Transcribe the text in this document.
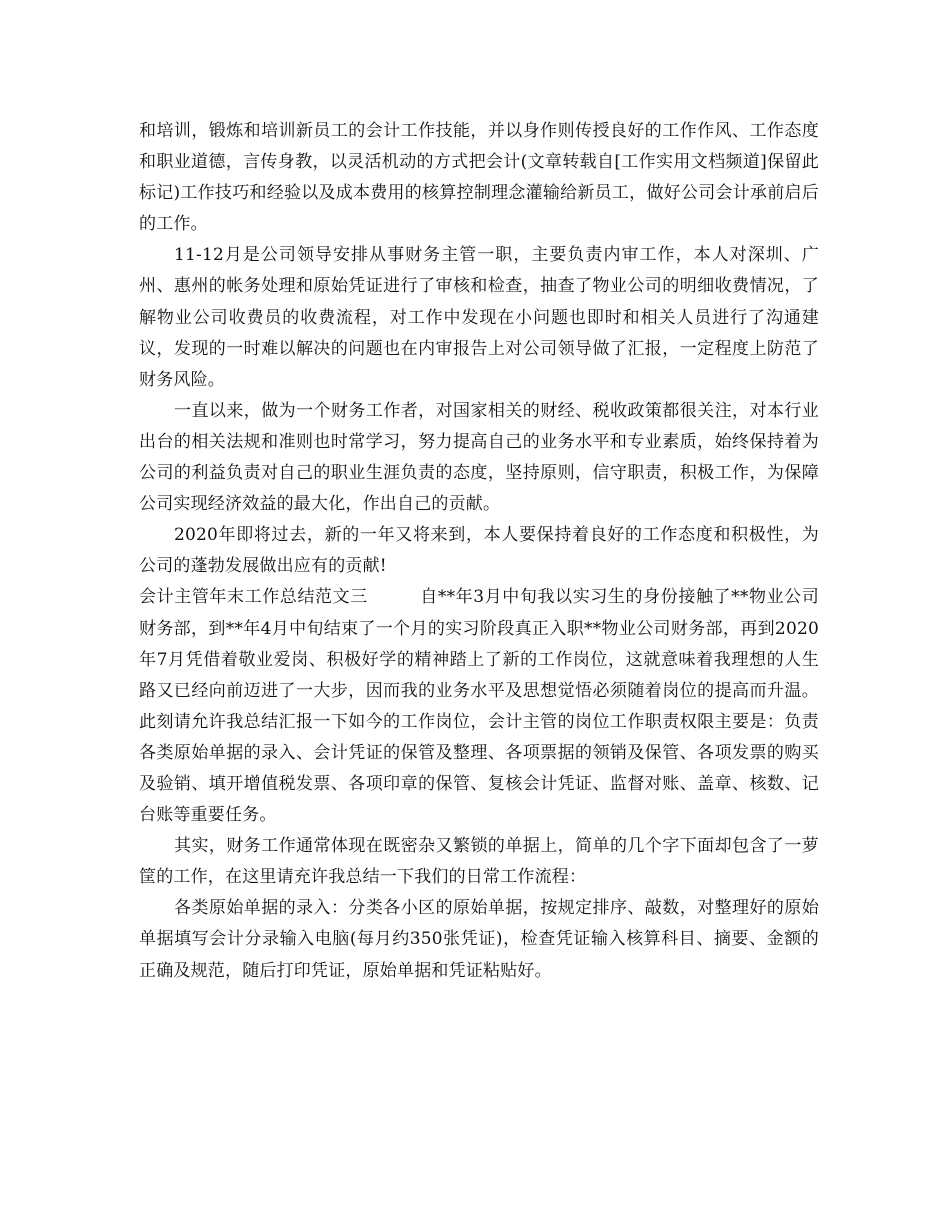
和培训，锻炼和培训新员工的会计工作技能，并以身作则传授良好的工作作风、工作态度和职业道德，言传身教，以灵活机动的方式把会计(文章转载自[工作实用文档频道]保留此标记)工作技巧和经验以及成本费用的核算控制理念灌输给新员工，做好公司会计承前启后的工作。

11-12月是公司领导安排从事财务主管一职，主要负责内审工作，本人对深圳、广州、惠州的帐务处理和原始凭证进行了审核和检查，抽查了物业公司的明细收费情况，了解物业公司收费员的收费流程，对工作中发现在小问题也即时和相关人员进行了沟通建议，发现的一时难以解决的问题也在内审报告上对公司领导做了汇报，一定程度上防范了财务风险。

一直以来，做为一个财务工作者，对国家相关的财经、税收政策都很关注，对本行业出台的相关法规和准则也时常学习，努力提高自己的业务水平和专业素质，始终保持着为公司的利益负责对自己的职业生涯负责的态度，坚持原则，信守职责，积极工作，为保障公司实现经济效益的最大化，作出自己的贡献。

2020年即将过去，新的一年又将来到，本人要保持着良好的工作态度和积极性，为公司的蓬勃发展做出应有的贡献!

会计主管年末工作总结范文三	自**年3月中旬我以实习生的身份接触了**物业公司财务部，到**年4月中旬结束了一个月的实习阶段真正入职**物业公司财务部，再到2020年7月凭借着敬业爱岗、积极好学的精神踏上了新的工作岗位，这就意味着我理想的人生路又已经向前迈进了一大步，因而我的业务水平及思想觉悟必须随着岗位的提高而升温。此刻请允许我总结汇报一下如今的工作岗位，会计主管的岗位工作职责权限主要是：负责各类原始单据的录入、会计凭证的保管及整理、各项票据的领销及保管、各项发票的购买及验销、填开增值税发票、各项印章的保管、复核会计凭证、监督对账、盖章、核数、记台账等重要任务。

其实，财务工作通常体现在既密杂又繁锁的单据上，简单的几个字下面却包含了一萝筐的工作，在这里请充许我总结一下我们的日常工作流程：

各类原始单据的录入：分类各小区的原始单据，按规定排序、敲数，对整理好的原始单据填写会计分录输入电脑(每月约350张凭证)，检查凭证输入核算科目、摘要、金额的正确及规范，随后打印凭证，原始单据和凭证粘贴好。
